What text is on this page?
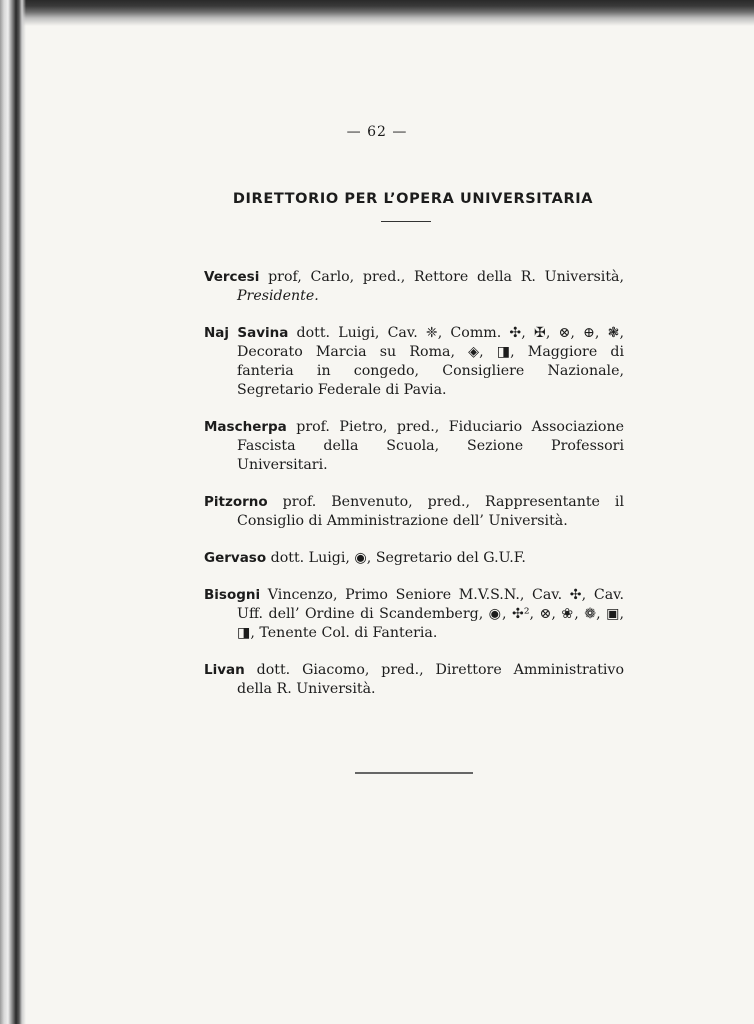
— 62 —
DIRETTORIO PER L’OPERA UNIVERSITARIA

Vercesi prof, Carlo, pred., Rettore della R. Università, Presidente.

Naj Savina dott. Luigi, Cav. ❈, Comm. ✣, ✠, ⊗, ⊕, ❃, Decorato Marcia su Roma, ◈, ◨, Maggiore di fanteria in congedo, Consigliere Nazionale, Segretario Federale di Pavia.

Mascherpa prof. Pietro, pred., Fiduciario Associazione Fascista della Scuola, Sezione Professori Universitari.

Pitzorno prof. Benvenuto, pred., Rappresentante il Consiglio di Amministrazione dell’ Università.

Gervaso dott. Luigi, ◉, Segretario del G.U.F.

Bisogni Vincenzo, Primo Seniore M.V.S.N., Cav. ✣, Cav. Uff. dell’ Ordine di Scandemberg, ◉, ✣², ⊗, ❀, ❁, ▣, ◨, Tenente Col. di Fanteria.

Livan dott. Giacomo, pred., Direttore Amministrativo della R. Università.
